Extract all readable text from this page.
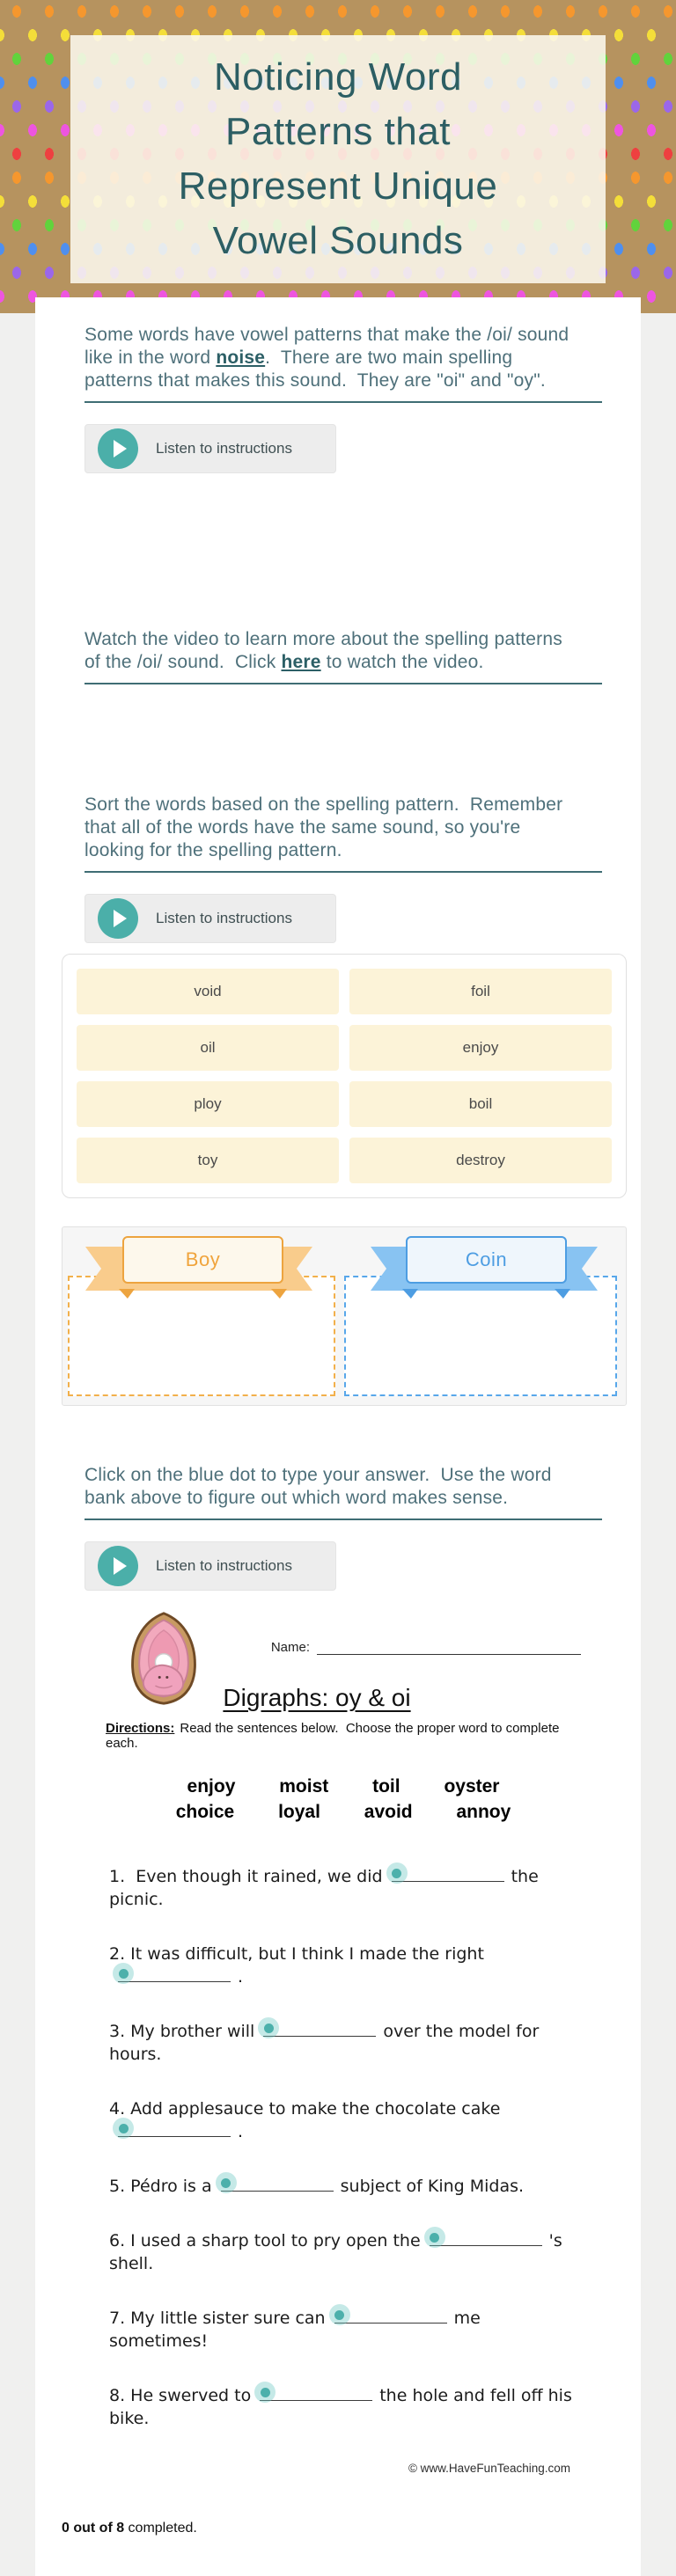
Noticing Word
Patterns that
Represent Unique
Vowel Sounds

Some words have vowel patterns that make the /oi/ sound like in the word noise.  There are two main spelling patterns that makes this sound.  They are "oi" and "oy".

Listen to instructions

Watch the video to learn more about the spelling patterns of the /oi/ sound.  Click here to watch the video.

Sort the words based on the spelling pattern.  Remember that all of the words have the same sound, so you're looking for the spelling pattern.

Listen to instructions
void	foil
oil	enjoy
ploy	boil
toy	destroy
Boy	Coin

Click on the blue dot to type your answer.  Use the word bank above to figure out which word makes sense.

Listen to instructions
Name:
Digraphs: oy & oi

Directions: Read the sentences below.  Choose the proper word to complete each.

enjoy moist toil oyster
choice loyal avoid annoy

1.  Even though it rained, we did	the picnic.

2. It was difficult, but I think I made the right
.

3. My brother will	over the model for hours.

4. Add applesauce to make the chocolate cake
.

5. Pédro is a	subject of King Midas.

6. I used a sharp tool to pry open the	's shell.

7. My little sister sure can	me sometimes!

8. He swerved to	the hole and fell off his bike.

© www.HaveFunTeaching.com
0 out of 8 completed.
